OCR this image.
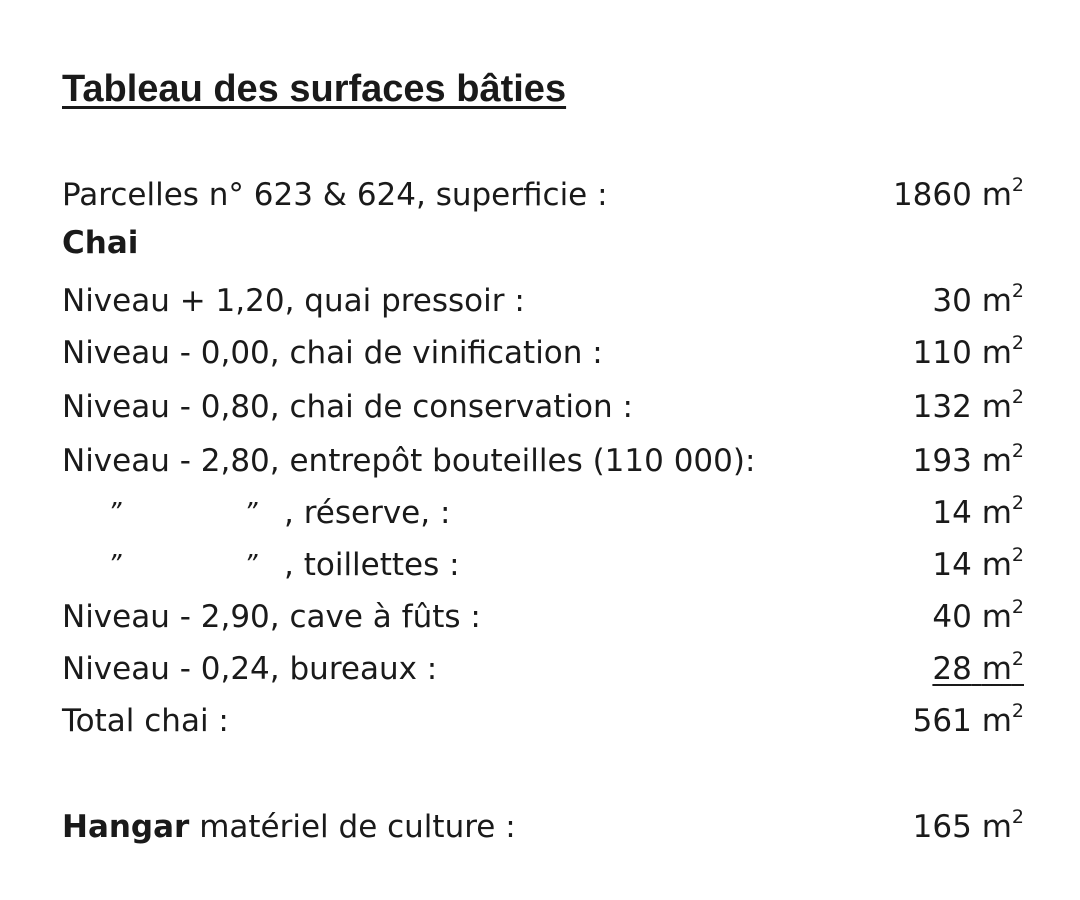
Tableau des surfaces bâties
Parcelles n° 623 & 624, superficie :	1860 $m^2$
Chai
Niveau + 1,20, quai pressoir :	30 $m^2$
Niveau - 0,00, chai de vinification :	110 $m^2$
Niveau - 0,80, chai de conservation :	132 $m^2$
Niveau - 2,80, entrepôt bouteilles (110 000):	193 $m^2$
”	” , réserve, :	14 $m^2$
”	” , toillettes :	14 $m^2$
Niveau - 2,90, cave à fûts :	40 $m^2$
Niveau - 0,24, bureaux :	28 $m^2$
Total chai :	561 $m^2$
Hangar matériel de culture :	165 $m^2$
